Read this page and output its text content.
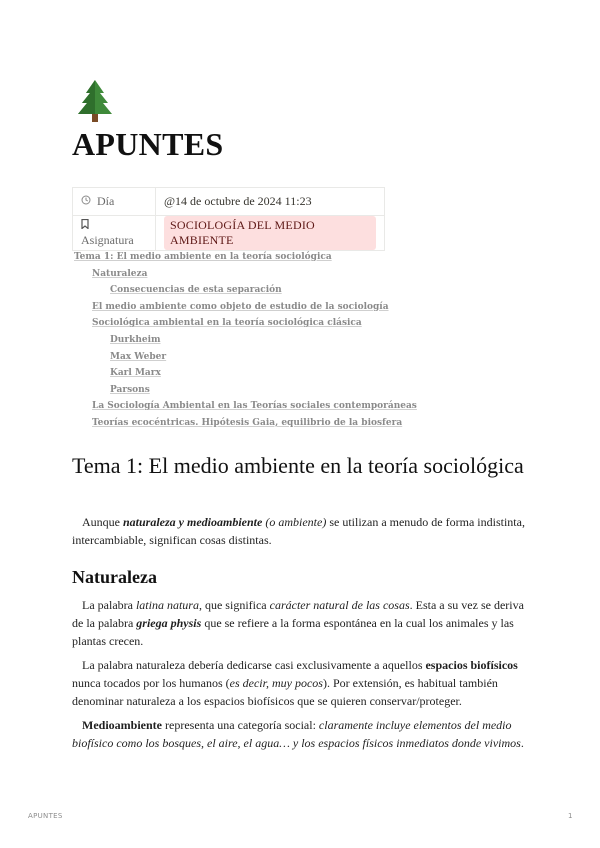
APUNTES
Día	@14 de octubre de 2024 11:23
Asignatura	SOCIOLOGÍA DEL MEDIO AMBIENTE
Tema 1: El medio ambiente en la teoría sociológica
Naturaleza
Consecuencias de esta separación
El medio ambiente como objeto de estudio de la sociología
Sociológica ambiental en la teoría sociológica clásica
Durkheim
Max Weber
Karl Marx
Parsons
La Sociología Ambiental en las Teorías sociales contemporáneas
Teorías ecocéntricas. Hipótesis Gaia, equilibrio de la biosfera
Tema 1: El medio ambiente en la teoría sociológica

Aunque naturaleza y medioambiente (o ambiente) se utilizan a menudo de forma indistinta, intercambiable, significan cosas distintas.

Naturaleza

La palabra latina natura, que significa carácter natural de las cosas. Esta a su vez se deriva de la palabra griega physis que se refiere a la forma espontánea en la cual los animales y las plantas crecen.

La palabra naturaleza debería dedicarse casi exclusivamente a aquellos espacios biofísicos nunca tocados por los humanos (es decir, muy pocos). Por extensión, es habitual también denominar naturaleza a los espacios biofísicos que se quieren conservar/proteger.

Medioambiente representa una categoría social: claramente incluye elementos del medio biofísico como los bosques, el aire, el agua… y los espacios físicos inmediatos donde vivimos.

APUNTES	1
